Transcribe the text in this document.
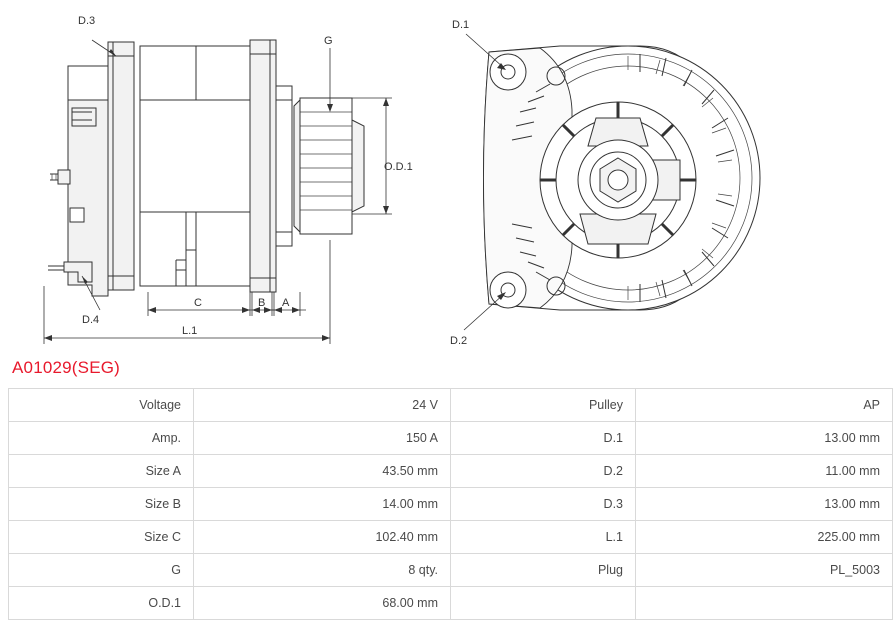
D.3
D.4
G
O.D.1
C	B A
L.1
D.1
D.2
A01029(SEG)
Voltage	24 V	Pulley	AP
Amp.	150 A	D.1	13.00 mm
Size A	43.50 mm	D.2	11.00 mm
Size B	14.00 mm	D.3	13.00 mm
Size C	102.40 mm	L.1	225.00 mm
G	8 qty.	Plug	PL_5003
O.D.1	68.00 mm		
